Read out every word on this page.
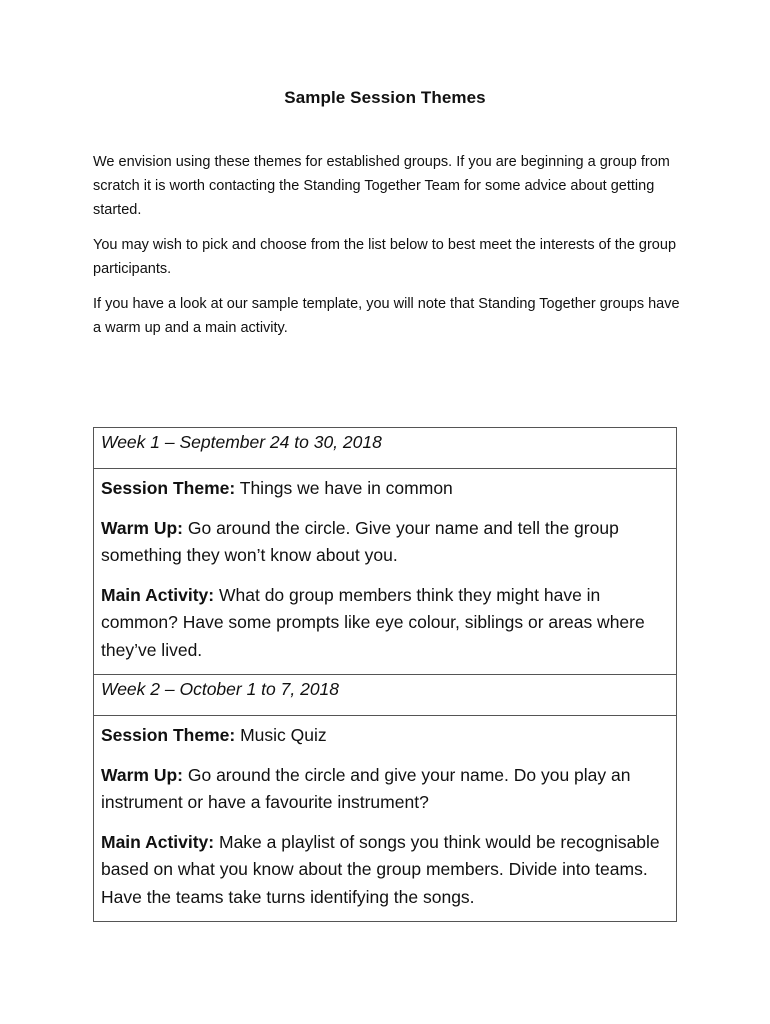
Sample Session Themes

We envision using these themes for established groups. If you are beginning a group from scratch it is worth contacting the Standing Together Team for some advice about getting started.

You may wish to pick and choose from the list below to best meet the interests of the group participants.

If you have a look at our sample template, you will note that Standing Together groups have a warm up and a main activity.

Week 1 – September 24 to 30, 2018

Session Theme: Things we have in common

Warm Up: Go around the circle. Give your name and tell the group something they won’t know about you.

Main Activity: What do group members think they might have in common? Have some prompts like eye colour, siblings or areas where they’ve lived.

Week 2 – October 1 to 7, 2018

Session Theme: Music Quiz

Warm Up: Go around the circle and give your name. Do you play an instrument or have a favourite instrument?

Main Activity: Make a playlist of songs you think would be recognisable based on what you know about the group members. Divide into teams. Have the teams take turns identifying the songs.
